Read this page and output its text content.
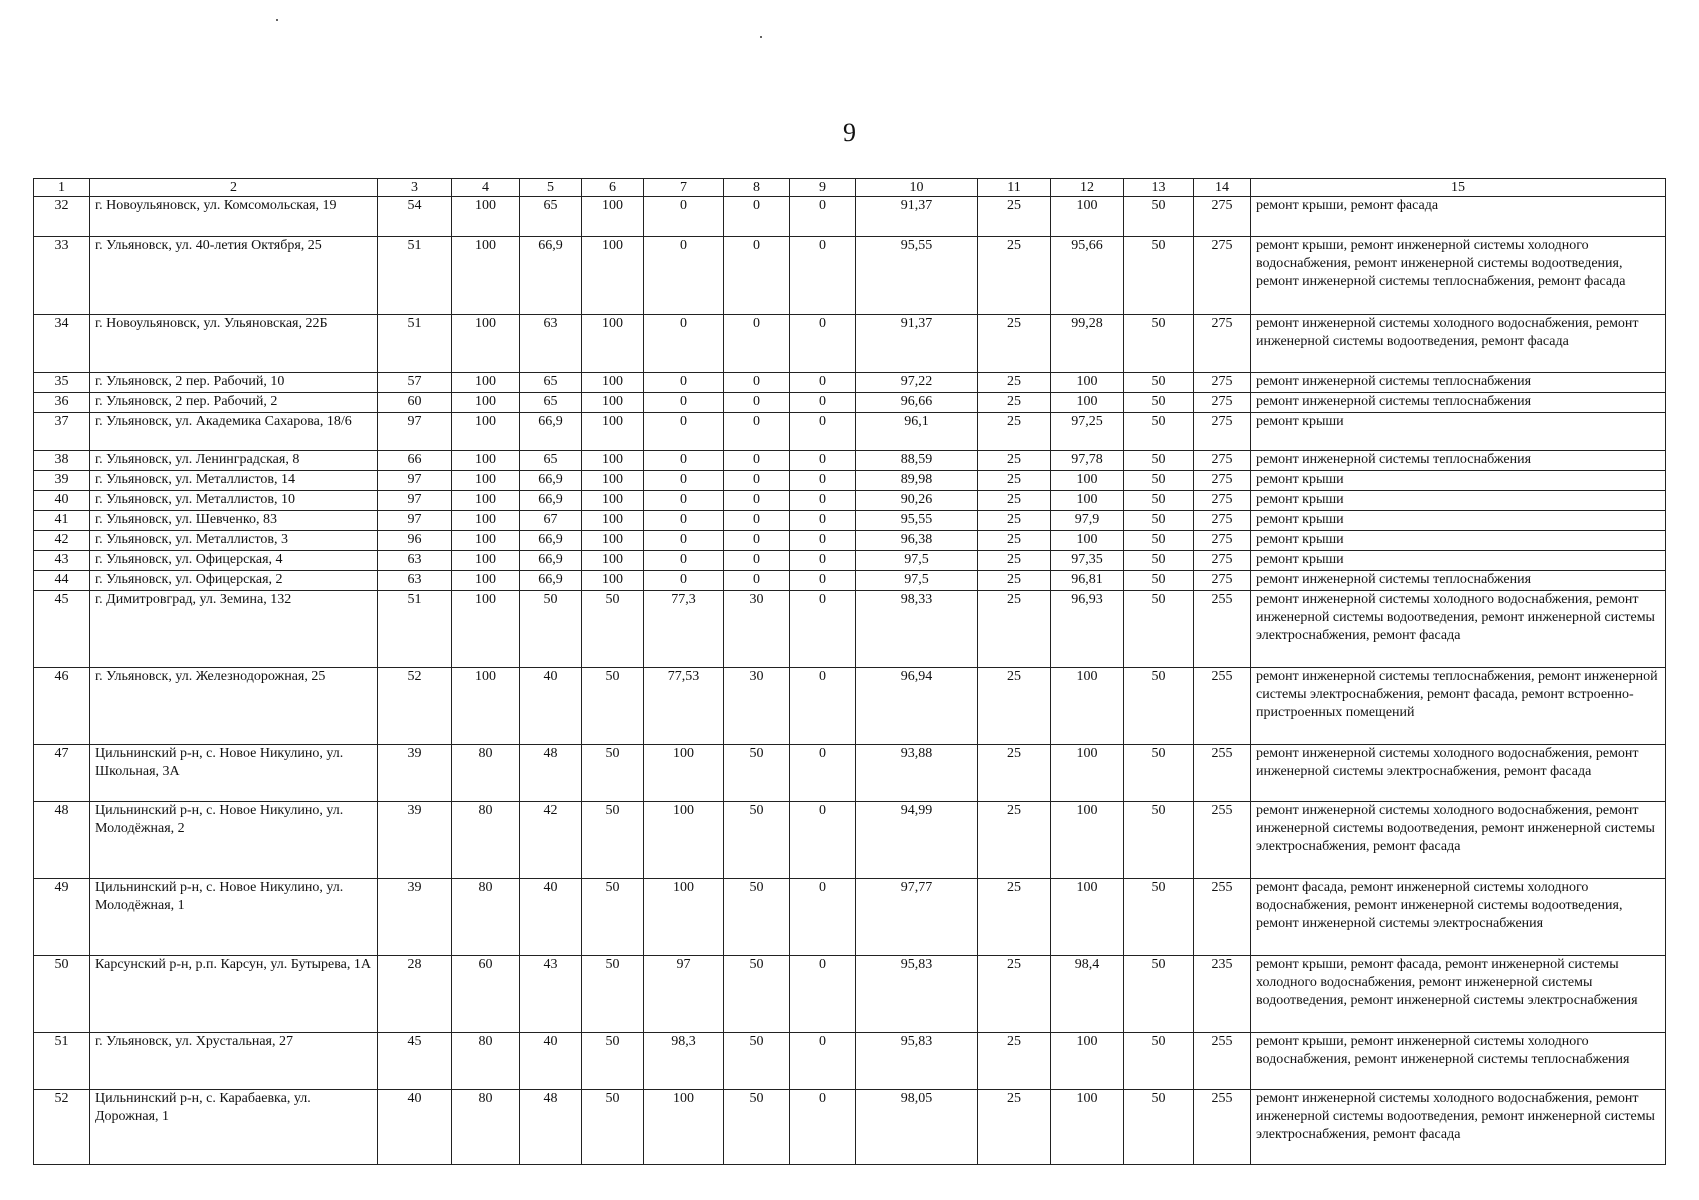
9
1	2	3	4	5	6	7	8	9	10	11	12	13	14	15
32	г. Новоульяновск, ул. Комсомольская, 19	54	100	65	100	0	0	0	91,37	25	100	50	275	ремонт крыши, ремонт фасада
33	г. Ульяновск, ул. 40-летия Октября, 25	51	100	66,9	100	0	0	0	95,55	25	95,66	50	275	ремонт крыши, ремонт инженерной системы холодного водоснабжения, ремонт инженерной системы водоотведения, ремонт инженерной системы теплоснабжения, ремонт фасада
34	г. Новоульяновск, ул. Ульяновская, 22Б	51	100	63	100	0	0	0	91,37	25	99,28	50	275	ремонт инженерной системы холодного водоснабжения, ремонт инженерной системы водоотведения, ремонт фасада
35	г. Ульяновск, 2 пер. Рабочий, 10	57	100	65	100	0	0	0	97,22	25	100	50	275	ремонт инженерной системы теплоснабжения
36	г. Ульяновск, 2 пер. Рабочий, 2	60	100	65	100	0	0	0	96,66	25	100	50	275	ремонт инженерной системы теплоснабжения
37	г. Ульяновск, ул. Академика Сахарова, 18/6	97	100	66,9	100	0	0	0	96,1	25	97,25	50	275	ремонт крыши
38	г. Ульяновск, ул. Ленинградская, 8	66	100	65	100	0	0	0	88,59	25	97,78	50	275	ремонт инженерной системы теплоснабжения
39	г. Ульяновск, ул. Металлистов, 14	97	100	66,9	100	0	0	0	89,98	25	100	50	275	ремонт крыши
40	г. Ульяновск, ул. Металлистов, 10	97	100	66,9	100	0	0	0	90,26	25	100	50	275	ремонт крыши
41	г. Ульяновск, ул. Шевченко, 83	97	100	67	100	0	0	0	95,55	25	97,9	50	275	ремонт крыши
42	г. Ульяновск, ул. Металлистов, 3	96	100	66,9	100	0	0	0	96,38	25	100	50	275	ремонт крыши
43	г. Ульяновск, ул. Офицерская, 4	63	100	66,9	100	0	0	0	97,5	25	97,35	50	275	ремонт крыши
44	г. Ульяновск, ул. Офицерская, 2	63	100	66,9	100	0	0	0	97,5	25	96,81	50	275	ремонт инженерной системы теплоснабжения
45	г. Димитровград, ул. Земина, 132	51	100	50	50	77,3	30	0	98,33	25	96,93	50	255	ремонт инженерной системы холодного водоснабжения, ремонт инженерной системы водоотведения, ремонт инженерной системы электроснабжения, ремонт фасада
46	г. Ульяновск, ул. Железнодорожная, 25	52	100	40	50	77,53	30	0	96,94	25	100	50	255	ремонт инженерной системы теплоснабжения, ремонт инженерной системы электроснабжения, ремонт фасада, ремонт встроенно-пристроенных помещений
47	Цильнинский р-н, с. Новое Никулино, ул. Школьная, 3А	39	80	48	50	100	50	0	93,88	25	100	50	255	ремонт инженерной системы холодного водоснабжения, ремонт инженерной системы электроснабжения, ремонт фасада
48	Цильнинский р-н, с. Новое Никулино, ул. Молодёжная, 2	39	80	42	50	100	50	0	94,99	25	100	50	255	ремонт инженерной системы холодного водоснабжения, ремонт инженерной системы водоотведения, ремонт инженерной системы электроснабжения, ремонт фасада
49	Цильнинский р-н, с. Новое Никулино, ул. Молодёжная, 1	39	80	40	50	100	50	0	97,77	25	100	50	255	ремонт фасада, ремонт инженерной системы холодного водоснабжения, ремонт инженерной системы водоотведения, ремонт инженерной системы электроснабжения
50	Карсунский р-н, р.п. Карсун, ул. Бутырева, 1А	28	60	43	50	97	50	0	95,83	25	98,4	50	235	ремонт крыши, ремонт фасада, ремонт инженерной системы холодного водоснабжения, ремонт инженерной системы водоотведения, ремонт инженерной системы электроснабжения
51	г. Ульяновск, ул. Хрустальная, 27	45	80	40	50	98,3	50	0	95,83	25	100	50	255	ремонт крыши, ремонт инженерной системы холодного водоснабжения, ремонт инженерной системы теплоснабжения
52	Цильнинский р-н, с. Карабаевка, ул. Дорожная, 1	40	80	48	50	100	50	0	98,05	25	100	50	255	ремонт инженерной системы холодного водоснабжения, ремонт инженерной системы водоотведения, ремонт инженерной системы электроснабжения, ремонт фасада
